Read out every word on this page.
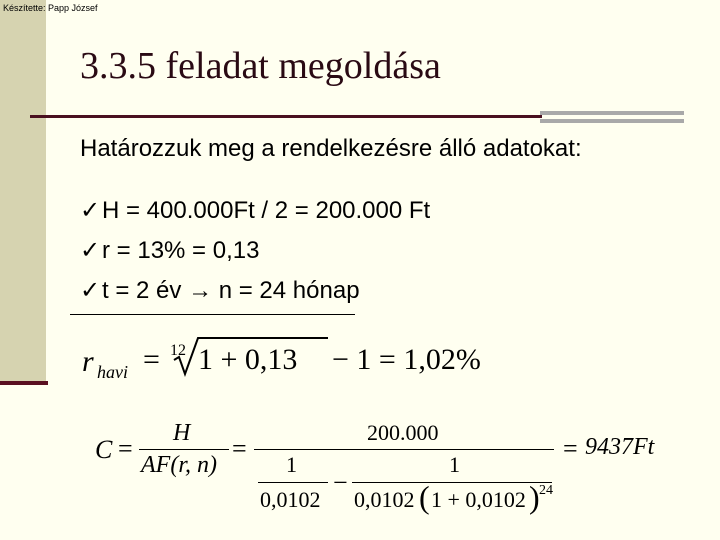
Készítette: Papp József
3.3.5 feladat megoldása
Határozzuk meg a rendelkezésre álló adatokat:
✓H = 400.000Ft / 2 = 200.000 Ft
✓r = 13% = 0,13
✓t = 2 év → n = 24 hónap
r havi = 12 1 + 0,13 − 1 = 1,02%
C =
H
AF(r, n)
=
200.000
1
0,0102
−
1
0,0102 ( 1 + 0,0102 ) 24
= 9437Ft
